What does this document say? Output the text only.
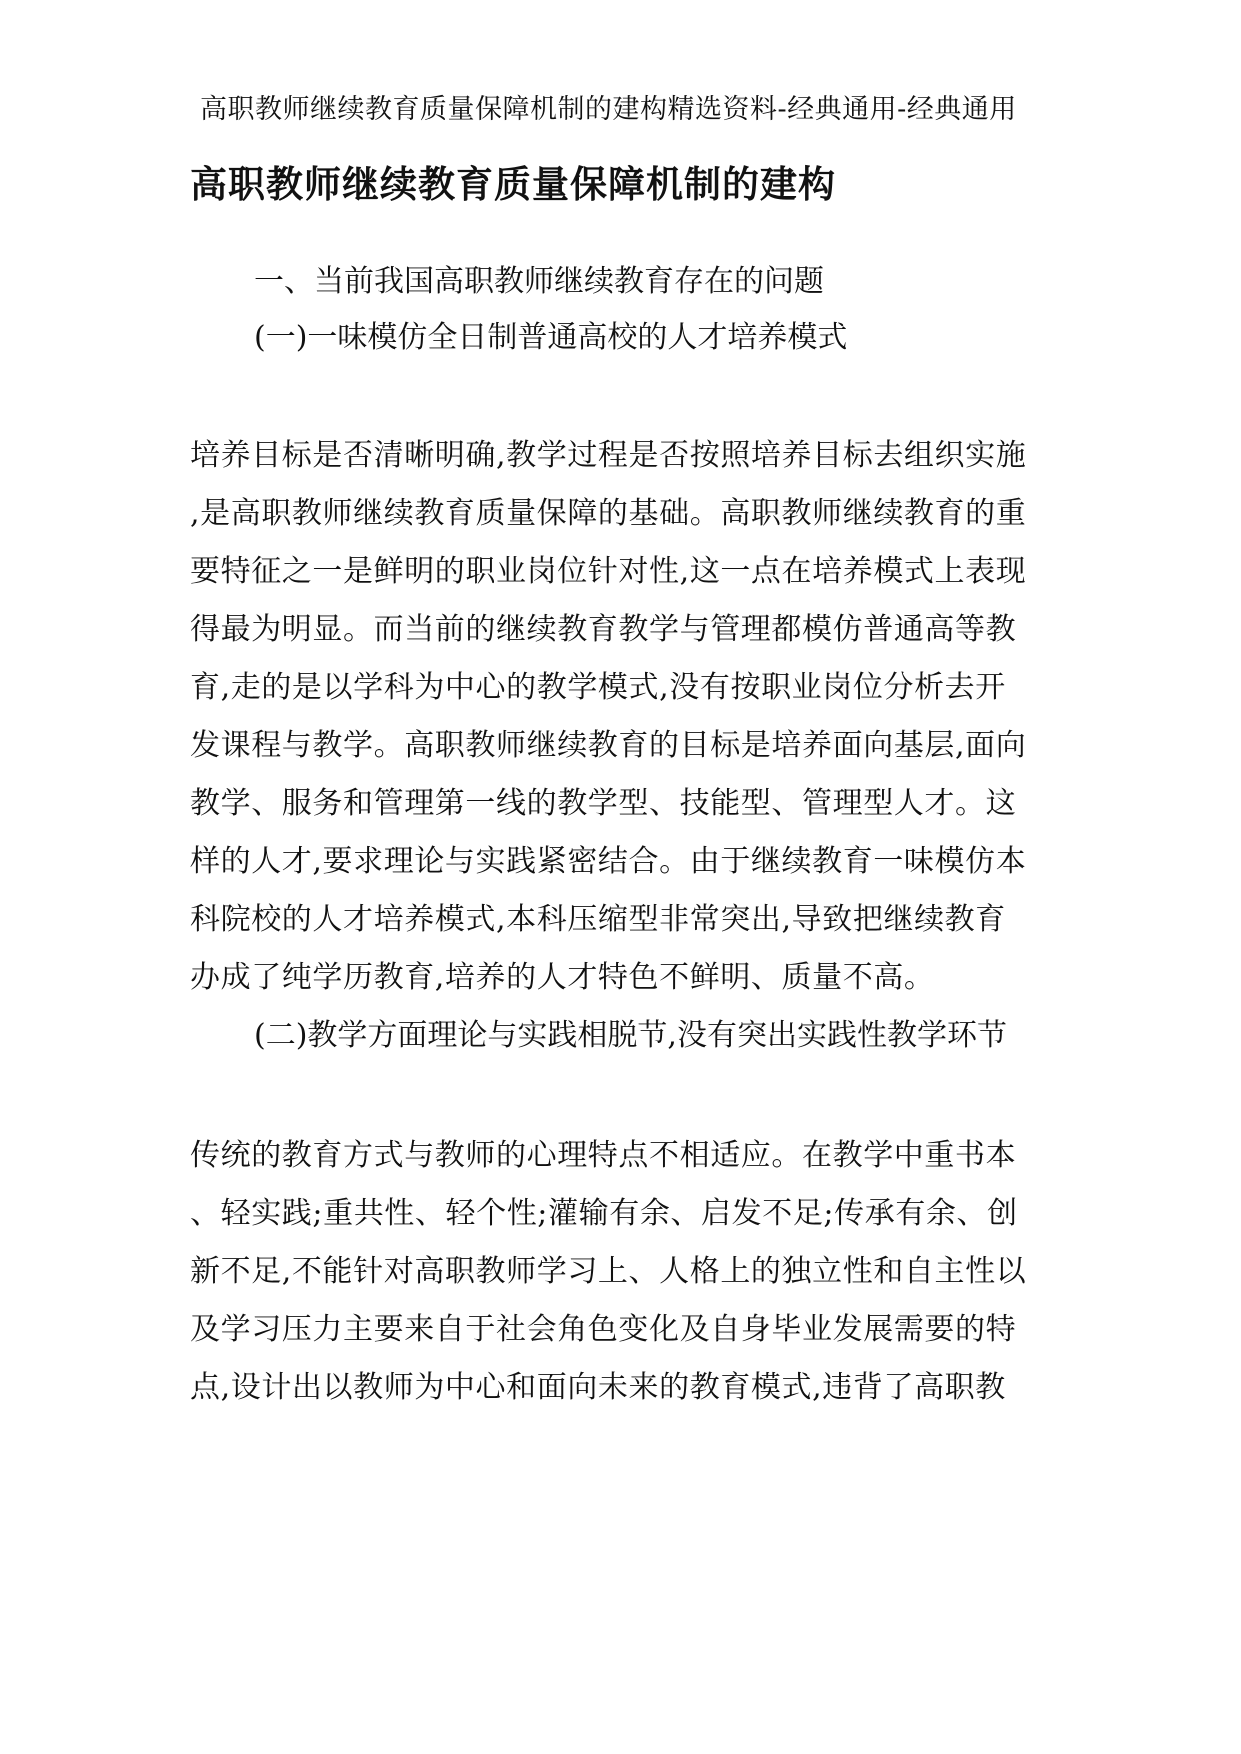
高职教师继续教育质量保障机制的建构精选资料-经典通用-经典通用
高职教师继续教育质量保障机制的建构
一、当前我国高职教师继续教育存在的问题
(一)一味模仿全日制普通高校的人才培养模式
培养目标是否清晰明确,教学过程是否按照培养目标去组织实施
,是高职教师继续教育质量保障的基础。高职教师继续教育的重
要特征之一是鲜明的职业岗位针对性,这一点在培养模式上表现
得最为明显。而当前的继续教育教学与管理都模仿普通高等教
育,走的是以学科为中心的教学模式,没有按职业岗位分析去开
发课程与教学。高职教师继续教育的目标是培养面向基层,面向
教学、服务和管理第一线的教学型、技能型、管理型人才。这
样的人才,要求理论与实践紧密结合。由于继续教育一味模仿本
科院校的人才培养模式,本科压缩型非常突出,导致把继续教育
办成了纯学历教育,培养的人才特色不鲜明、质量不高。
(二)教学方面理论与实践相脱节,没有突出实践性教学环节
传统的教育方式与教师的心理特点不相适应。在教学中重书本
、轻实践;重共性、轻个性;灌输有余、启发不足;传承有余、创
新不足,不能针对高职教师学习上、人格上的独立性和自主性以
及学习压力主要来自于社会角色变化及自身毕业发展需要的特
点,设计出以教师为中心和面向未来的教育模式,违背了高职教
